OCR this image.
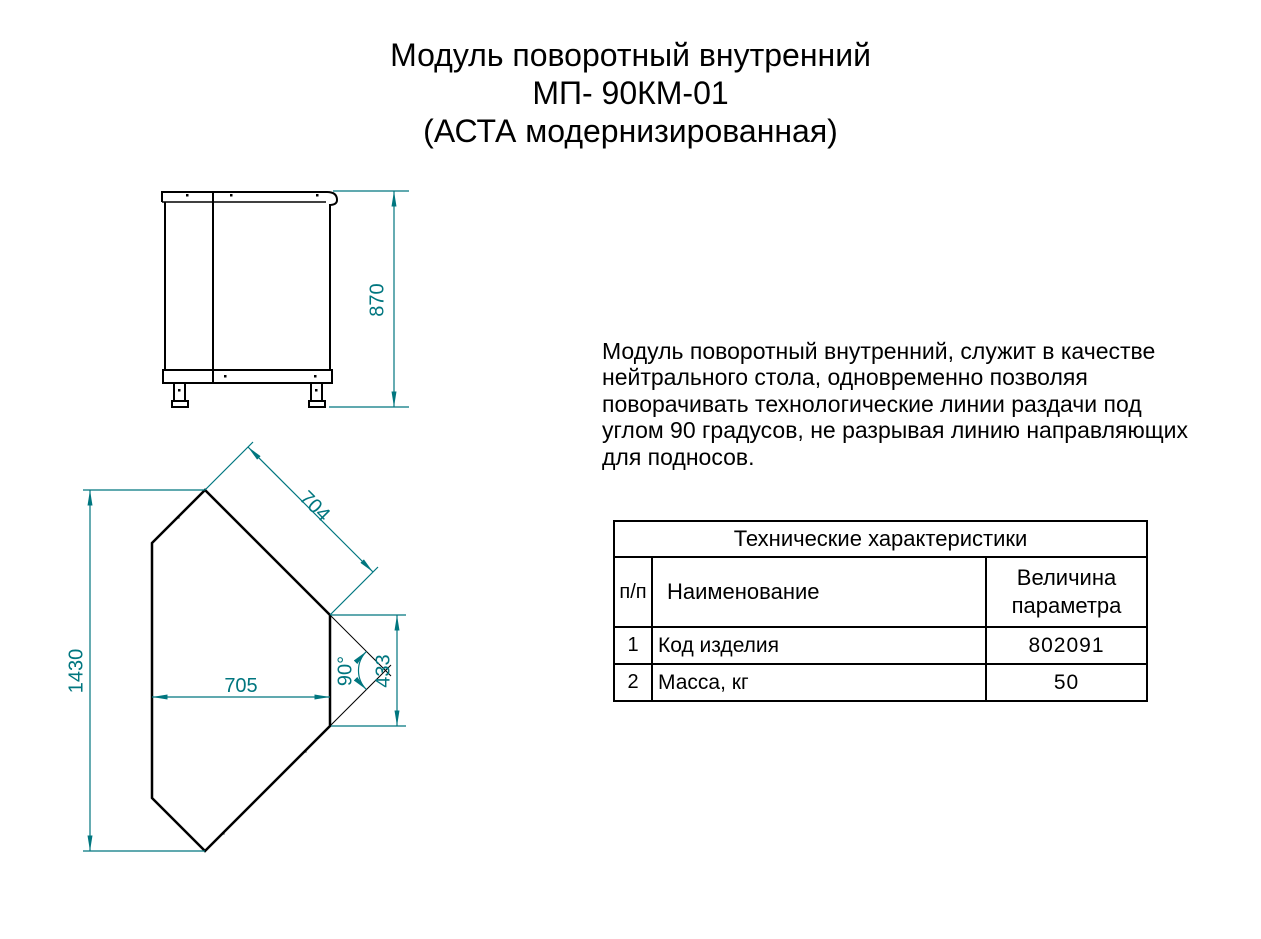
Модуль поворотный внутренний
МП- 90КМ-01
(АСТА модернизированная)
870
1430	705	433
704
90°
Модуль поворотный внутренний, служит в качестве
нейтрального стола, одновременно позволяя
поворачивать технологические линии раздачи под
углом 90 градусов, не разрывая линию направляющих
для подносов.
Технические характеристики		
п/п	Наименование	Величина параметра
1	Код изделия	802091
2	Масса, кг	50
